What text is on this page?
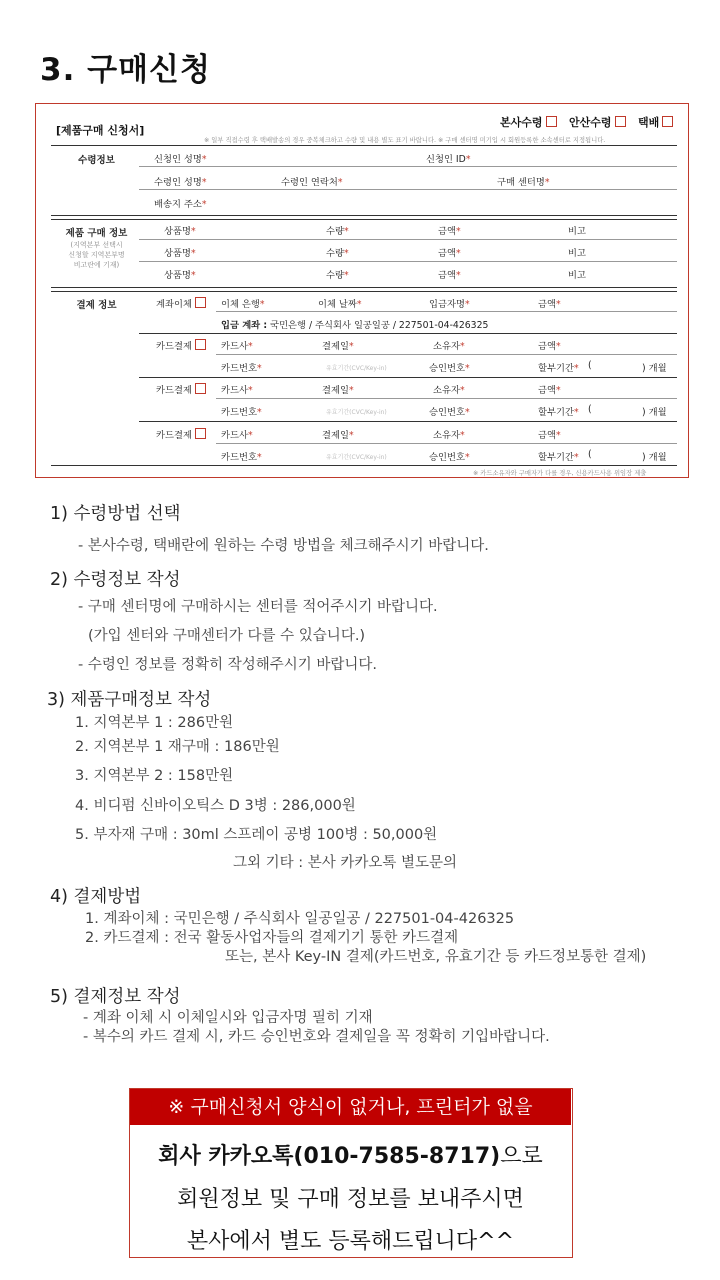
3. 구매신청
[제품구매 신청서]
본사수령	안산수령	택배
※ 일부 직접수령 후 택배발송의 경우 중복체크하고 수량 및 내용 별도 표기 바랍니다. ※ 구매 센터명 미기입 시 회원등록한 소속센터로 지정됩니다.
수령정보	신청인 성명*	신청인 ID*
수령인 성명*	수령인 연락처*	구매 센터명*
배송지 주소*
제품 구매 정보
(지역본부 선택시
신청할 지역본부명
비고란에 기재)
상품명*	수량*	금액*	비고
상품명*	수량*	금액*	비고
상품명*	수량*	금액*	비고
결제 정보	계좌이체	이체 은행*	이체 날짜*	입금자명*	금액*
입금 계좌 : 국민은행 / 주식회사 일공일공 / 227501-04-426325
카드결제	카드사*	결제일*	소유자*	금액*
카드번호*	유효기간(CVC/Key-in)	승인번호*	할부기간* (	) 개월
카드결제	카드사*	결제일*	소유자*	금액*
카드번호*	유효기간(CVC/Key-in)	승인번호*	할부기간* (	) 개월
카드결제	카드사*	결제일*	소유자*	금액*
카드번호*	유효기간(CVC/Key-in)	승인번호*	할부기간* (	) 개월
※ 카드소유자와 구매자가 다를 경우, 신용카드사용 위임장 제출
1) 수령방법 선택
- 본사수령, 택배란에 원하는 수령 방법을 체크해주시기 바랍니다.
2) 수령정보 작성
- 구매 센터명에 구매하시는 센터를 적어주시기 바랍니다.
(가입 센터와 구매센터가 다를 수 있습니다.)
- 수령인 정보를 정확히 작성해주시기 바랍니다.
3) 제품구매정보 작성
1. 지역본부 1 : 286만원
2. 지역본부 1 재구매 : 186만원
3. 지역본부 2 : 158만원
4. 비디펌 신바이오틱스 D 3병 : 286,000원
5. 부자재 구매 : 30ml 스프레이 공병 100병 : 50,000원
그외 기타 : 본사 카카오톡 별도문의
4) 결제방법
1. 계좌이체 : 국민은행 / 주식회사 일공일공 / 227501-04-426325
2. 카드결제 : 전국 활동사업자들의 결제기기 통한 카드결제
또는, 본사 Key-IN 결제(카드번호, 유효기간 등 카드정보통한 결제)
5) 결제정보 작성
- 계좌 이체 시 이체일시와 입금자명 필히 기재
- 복수의 카드 결제 시, 카드 승인번호와 결제일을 꼭 정확히 기입바랍니다.
※ 구매신청서 양식이 없거나, 프린터가 없을
회사 카카오톡(010-7585-8717)으로
회원정보 및 구매 정보를 보내주시면
본사에서 별도 등록해드립니다^^
